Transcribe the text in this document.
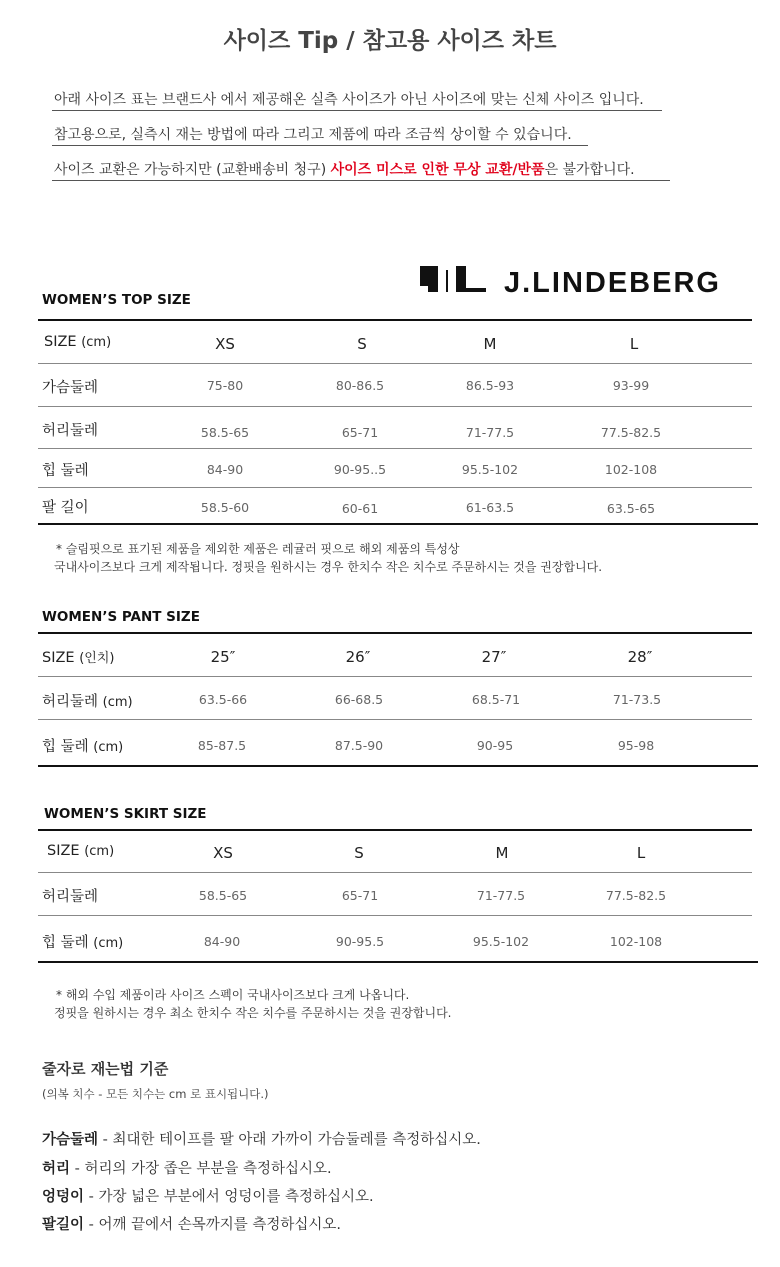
사이즈 Tip / 참고용 사이즈 차트
아래 사이즈 표는 브랜드사 에서 제공해온 실측 사이즈가 아닌 사이즈에 맞는 신체 사이즈 입니다.
참고용으로, 실측시 재는 방법에 따라 그리고 제품에 따라 조금씩 상이할 수 있습니다.
사이즈 교환은 가능하지만 (교환배송비 청구) 사이즈 미스로 인한 무상 교환/반품은 불가합니다.
J.LINDEBERG
WOMEN’S TOP SIZE
SIZE (cm)	XS	S	M	L
가슴둘레	75-80	80-86.5	86.5-93	93-99
허리둘레	58.5-65	65-71	71-77.5	77.5-82.5
힙 둘레	84-90	90-95..5	95.5-102	102-108
팔 길이	58.5-60	60-61	61-63.5	63.5-65
* 슬림핏으로 표기된 제품을 제외한 제품은 레귤러 핏으로 해외 제품의 특성상
국내사이즈보다 크게 제작됩니다. 정핏을 원하시는 경우 한치수 작은 치수로 주문하시는 것을 권장합니다.
WOMEN’S PANT SIZE
SIZE (인치)	25″	26″	27″	28″
허리둘레 (cm)	63.5-66	66-68.5	68.5-71	71-73.5
힙 둘레 (cm)	85-87.5	87.5-90	90-95	95-98
WOMEN’S SKIRT SIZE
SIZE (cm)	XS	S	M	L
허리둘레	58.5-65	65-71	71-77.5	77.5-82.5
힙 둘레 (cm)	84-90	90-95.5	95.5-102	102-108
* 해외 수입 제품이라 사이즈 스펙이 국내사이즈보다 크게 나옵니다.
정핏을 원하시는 경우 최소 한치수 작은 치수를 주문하시는 것을 권장합니다.
줄자로 재는법 기준
(의복 치수 - 모든 치수는 cm 로 표시됩니다.)
가슴둘레 - 최대한 테이프를 팔 아래 가까이 가슴둘레를 측정하십시오.
허리 - 허리의 가장 좁은 부분을 측정하십시오.
엉덩이 - 가장 넓은 부분에서 엉덩이를 측정하십시오.
팔길이 - 어깨 끝에서 손목까지를 측정하십시오.
